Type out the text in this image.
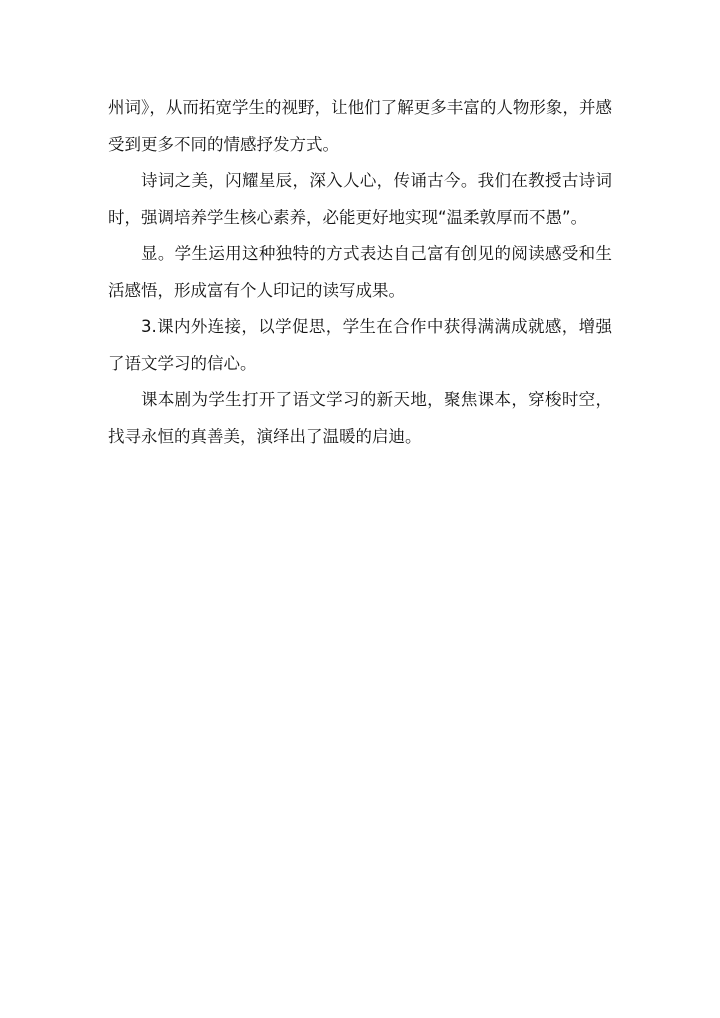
州词》，从而拓宽学生的视野，让他们了解更多丰富的人物形象，并感受到更多不同的情感抒发方式。

诗词之美，闪耀星辰，深入人心，传诵古今。我们在教授古诗词时，强调培养学生核心素养，必能更好地实现“温柔敦厚而不愚”。

显。学生运用这种独特的方式表达自己富有创见的阅读感受和生活感悟，形成富有个人印记的读写成果。

3.课内外连接，以学促思，学生在合作中获得满满成就感，增强了语文学习的信心。

课本剧为学生打开了语文学习的新天地，聚焦课本，穿梭时空，找寻永恒的真善美，演绎出了温暖的启迪。
